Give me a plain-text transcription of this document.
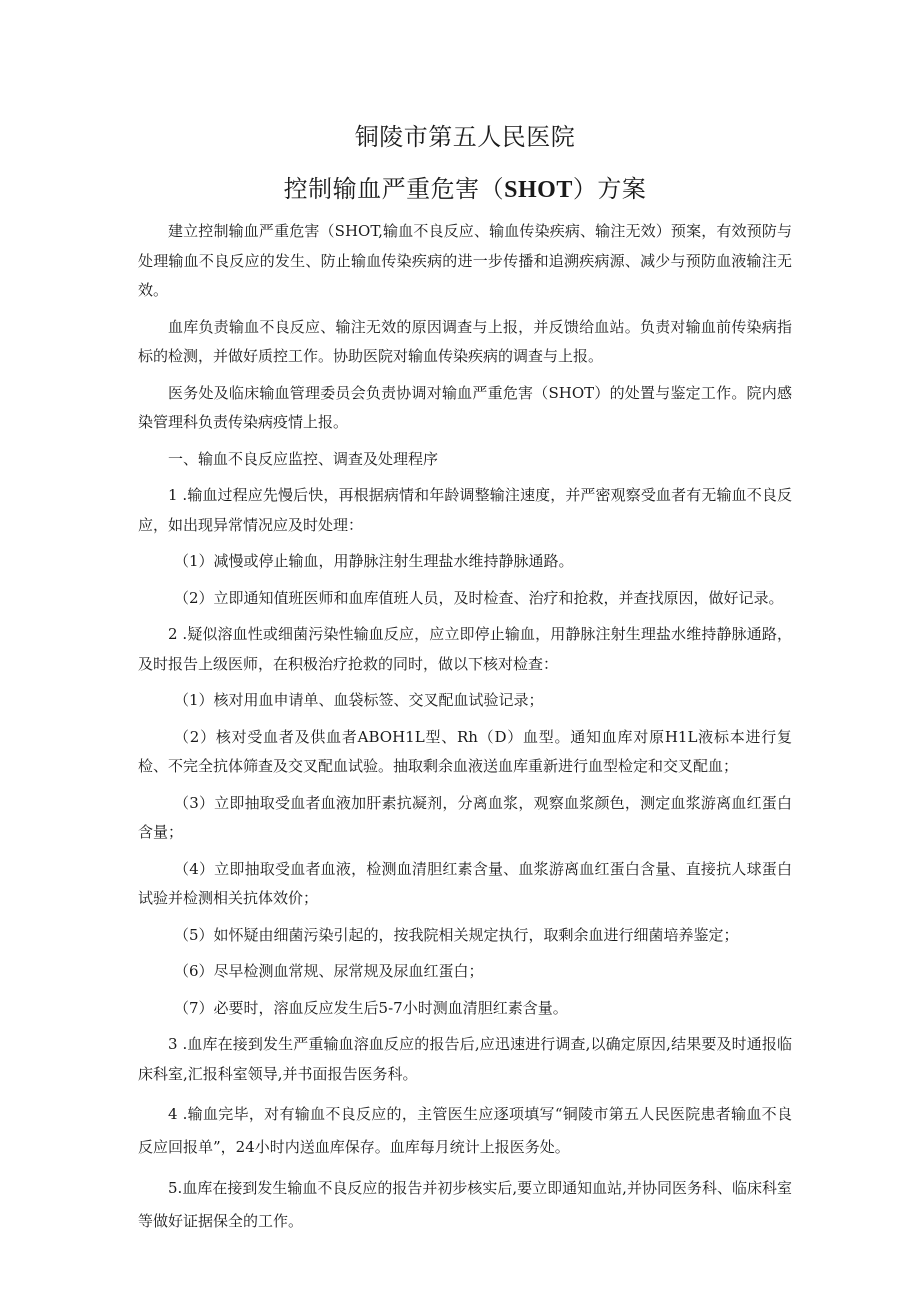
铜陵市第五人民医院
控制输血严重危害（SHOT）方案

建立控制输血严重危害（SHOT,输血不良反应、输血传染疾病、输注无效）预案，有效预防与处理输血不良反应的发生、防止输血传染疾病的进一步传播和追溯疾病源、减少与预防血液输注无效。

血库负责输血不良反应、输注无效的原因调查与上报，并反馈给血站。负责对输血前传染病指标的检测，并做好质控工作。协助医院对输血传染疾病的调查与上报。

医务处及临床输血管理委员会负责协调对输血严重危害（SHOT）的处置与鉴定工作。院内感染管理科负责传染病疫情上报。

一、输血不良反应监控、调查及处理程序

1 .输血过程应先慢后快，再根据病情和年龄调整输注速度，并严密观察受血者有无输血不良反应，如出现异常情况应及时处理：

（1）减慢或停止输血，用静脉注射生理盐水维持静脉通路。

（2）立即通知值班医师和血库值班人员，及时检查、治疗和抢救，并查找原因，做好记录。

2 .疑似溶血性或细菌污染性输血反应，应立即停止输血，用静脉注射生理盐水维持静脉通路，及时报告上级医师，在积极治疗抢救的同时，做以下核对检查：

（1）核对用血申请单、血袋标签、交叉配血试验记录；

（2）核对受血者及供血者ABOH1L型、Rh（D）血型。通知血库对原H1L液标本进行复检、不完全抗体筛查及交叉配血试验。抽取剩余血液送血库重新进行血型检定和交叉配血；

（3）立即抽取受血者血液加肝素抗凝剂，分离血浆，观察血浆颜色，测定血浆游离血红蛋白含量；

（4）立即抽取受血者血液，检测血清胆红素含量、血浆游离血红蛋白含量、直接抗人球蛋白试验并检测相关抗体效价；

（5）如怀疑由细菌污染引起的，按我院相关规定执行，取剩余血进行细菌培养鉴定；

（6）尽早检测血常规、尿常规及尿血红蛋白；

（7）必要时，溶血反应发生后5-7小时测血清胆红素含量。

3 .血库在接到发生严重输血溶血反应的报告后,应迅速进行调查,以确定原因,结果要及时通报临床科室,汇报科室领导,并书面报告医务科。

4 .输血完毕，对有输血不良反应的，主管医生应逐项填写“铜陵市第五人民医院患者输血不良反应回报单”，24小时内送血库保存。血库每月统计上报医务处。

5.血库在接到发生输血不良反应的报告并初步核实后,要立即通知血站,并协同医务科、临床科室等做好证据保全的工作。
